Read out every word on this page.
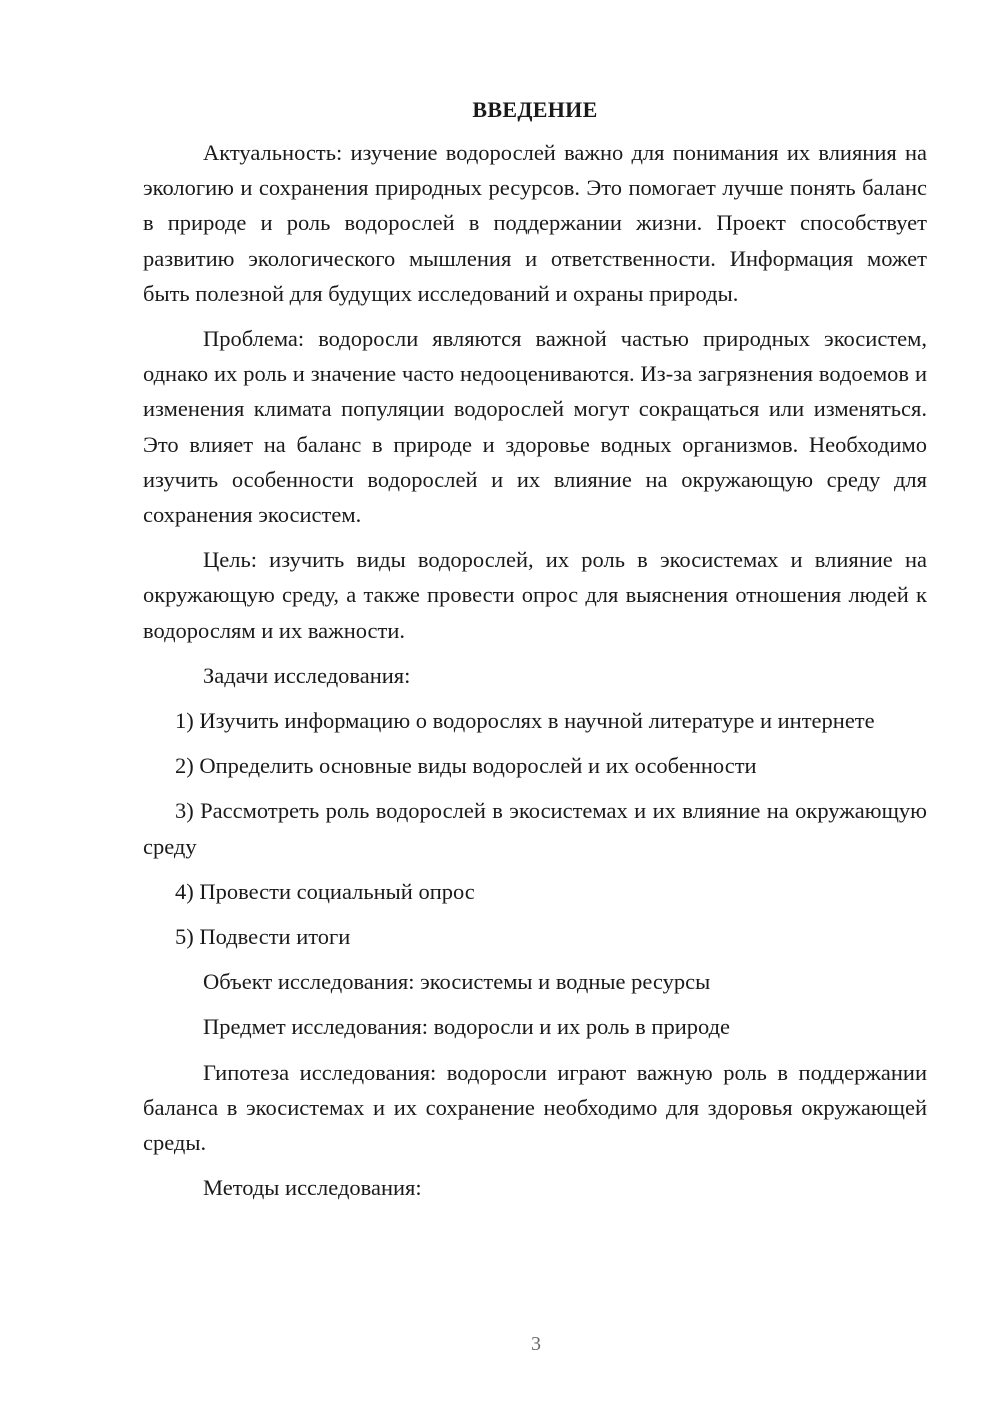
ВВЕДЕНИЕ

Актуальность: изучение водорослей важно для понимания их влияния на экологию и сохранения природных ресурсов. Это помогает лучше понять баланс в природе и роль водорослей в поддержании жизни. Проект способствует развитию экологического мышления и ответственности. Информация может быть полезной для будущих исследований и охраны природы.

Проблема: водоросли являются важной частью природных экосистем, однако их роль и значение часто недооцениваются. Из-за загрязнения водоемов и изменения климата популяции водорослей могут сокращаться или изменяться. Это влияет на баланс в природе и здоровье водных организмов. Необходимо изучить особенности водорослей и их влияние на окружающую среду для сохранения экосистем.

Цель: изучить виды водорослей, их роль в экосистемах и влияние на окружающую среду, а также провести опрос для выяснения отношения людей к водорослям и их важности.

Задачи исследования:

1) Изучить информацию о водорослях в научной литературе и интернете

2) Определить основные виды водорослей и их особенности

3) Рассмотреть роль водорослей в экосистемах и их влияние на окружающую среду

4) Провести социальный опрос

5) Подвести итоги

Объект исследования: экосистемы и водные ресурсы

Предмет исследования: водоросли и их роль в природе

Гипотеза исследования: водоросли играют важную роль в поддержании баланса в экосистемах и их сохранение необходимо для здоровья окружающей среды.

Методы исследования:

3
